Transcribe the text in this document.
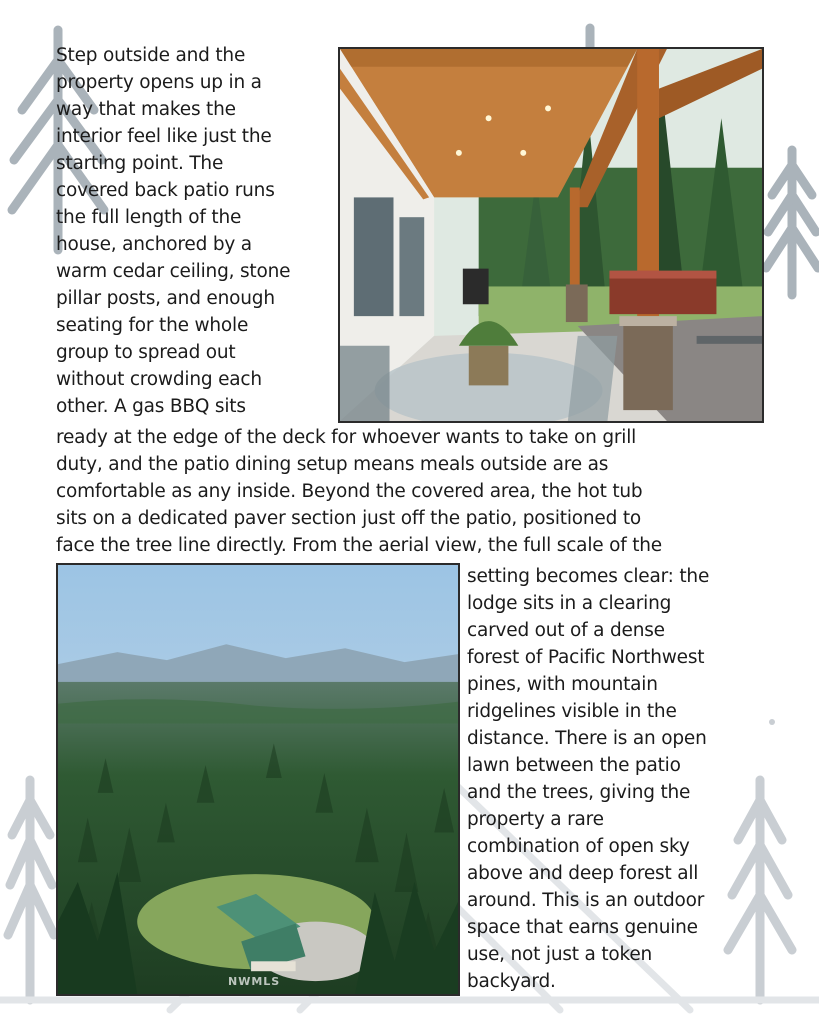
Step outside and the
property opens up in a
way that makes the
interior feel like just the
starting point. The
covered back patio runs
the full length of the
house, anchored by a
warm cedar ceiling, stone
pillar posts, and enough
seating for the whole
group to spread out
without crowding each
other. A gas BBQ sits

ready at the edge of the deck for whoever wants to take on grill
duty, and the patio dining setup means meals outside are as
comfortable as any inside. Beyond the covered area, the hot tub
sits on a dedicated paver section just off the patio, positioned to
face the tree line directly. From the aerial view, the full scale of the

NWMLS

setting becomes clear: the
lodge sits in a clearing
carved out of a dense
forest of Pacific Northwest
pines, with mountain
ridgelines visible in the
distance. There is an open
lawn between the patio
and the trees, giving the
property a rare
combination of open sky
above and deep forest all
around. This is an outdoor
space that earns genuine
use, not just a token
backyard.
